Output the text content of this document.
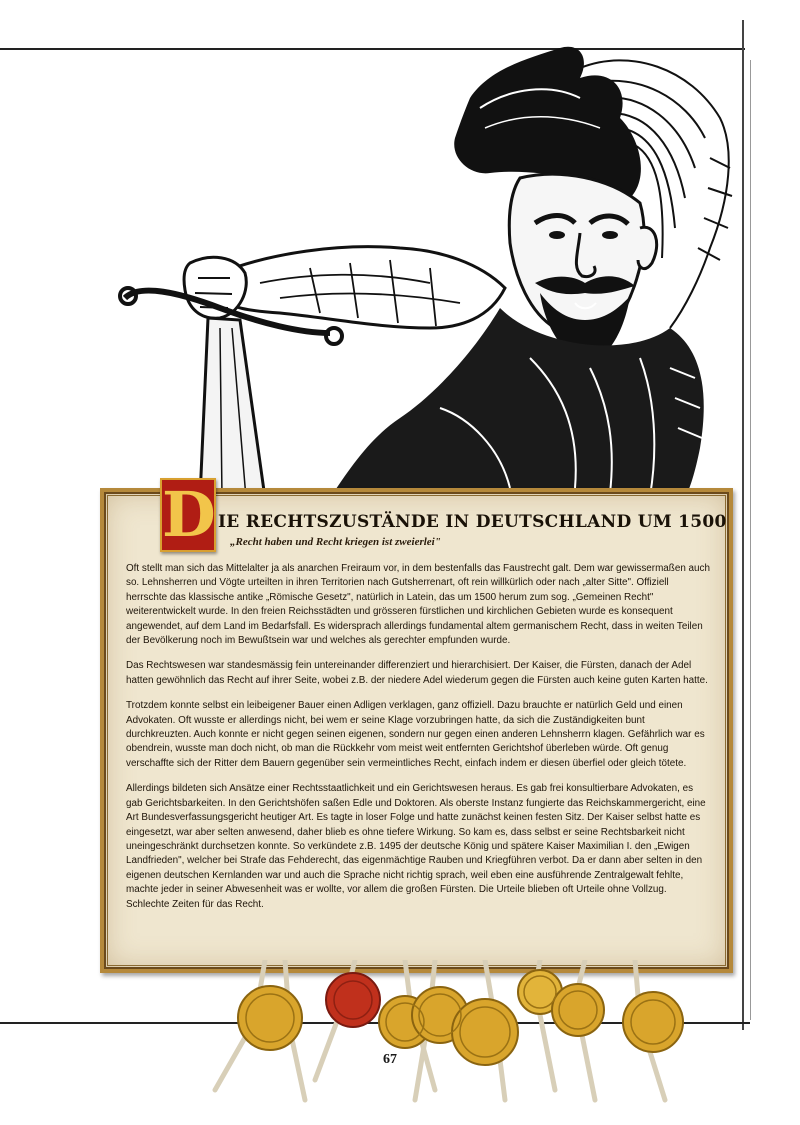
D IE RECHTSZUSTÄNDE IN DEUTSCHLAND UM 1500
„Recht haben und Recht kriegen ist zweierlei"

Oft stellt man sich das Mittelalter ja als anarchen Freiraum vor, in dem bestenfalls das Faustrecht galt. Dem war gewissermaßen auch so. Lehnsherren und Vögte urteilten in ihren Territorien nach Gutsherrenart, oft rein willkürlich oder nach „alter Sitte". Offiziell herrschte das klassische antike „Römische Gesetz", natürlich in Latein, das um 1500 herum zum sog. „Gemeinen Recht" weiterentwickelt wurde. In den freien Reichsstädten und grösseren fürstlichen und kirchlichen Gebieten wurde es konsequent angewendet, auf dem Land im Bedarfsfall. Es widersprach allerdings fundamental altem germanischem Recht, dass in weiten Teilen der Bevölkerung noch im Bewußtsein war und welches als gerechter empfunden wurde.

Das Rechtswesen war standesmässig fein untereinander differenziert und hierarchisiert. Der Kaiser, die Fürsten, danach der Adel hatten gewöhnlich das Recht auf ihrer Seite, wobei z.B. der niedere Adel wiederum gegen die Fürsten auch keine guten Karten hatte.

Trotzdem konnte selbst ein leibeigener Bauer einen Adligen verklagen, ganz offiziell. Dazu brauchte er natürlich Geld und einen Advokaten. Oft wusste er allerdings nicht, bei wem er seine Klage vorzubringen hatte, da sich die Zuständigkeiten bunt durchkreuzten. Auch konnte er nicht gegen seinen eigenen, sondern nur gegen einen anderen Lehnsherrn klagen. Gefährlich war es obendrein, wusste man doch nicht, ob man die Rückkehr vom meist weit entfernten Gerichtshof überleben würde. Oft genug verschaffte sich der Ritter dem Bauern gegenüber sein vermeintliches Recht, einfach indem er diesen überfiel oder gleich tötete.

Allerdings bildeten sich Ansätze einer Rechtsstaatlichkeit und ein Gerichtswesen heraus. Es gab frei konsultierbare Advokaten, es gab Gerichtsbarkeiten. In den Gerichtshöfen saßen Edle und Doktoren. Als oberste Instanz fungierte das Reichskammergericht, eine Art Bundesverfassungsgericht heutiger Art. Es tagte in loser Folge und hatte zunächst keinen festen Sitz. Der Kaiser selbst hatte es eingesetzt, war aber selten anwesend, daher blieb es ohne tiefere Wirkung. So kam es, dass selbst er seine Rechtsbarkeit nicht uneingeschränkt durchsetzen konnte. So verkündete z.B. 1495 der deutsche König und spätere Kaiser Maximilian I. den „Ewigen Landfrieden", welcher bei Strafe das Fehderecht, das eigenmächtige Rauben und Kriegführen verbot. Da er dann aber selten in den eigenen deutschen Kernlanden war und auch die Sprache nicht richtig sprach, weil eben eine ausführende Zentralgewalt fehlte, machte jeder in seiner Abwesenheit was er wollte, vor allem die großen Fürsten. Die Urteile blieben oft Urteile ohne Vollzug.
Schlechte Zeiten für das Recht.

67
